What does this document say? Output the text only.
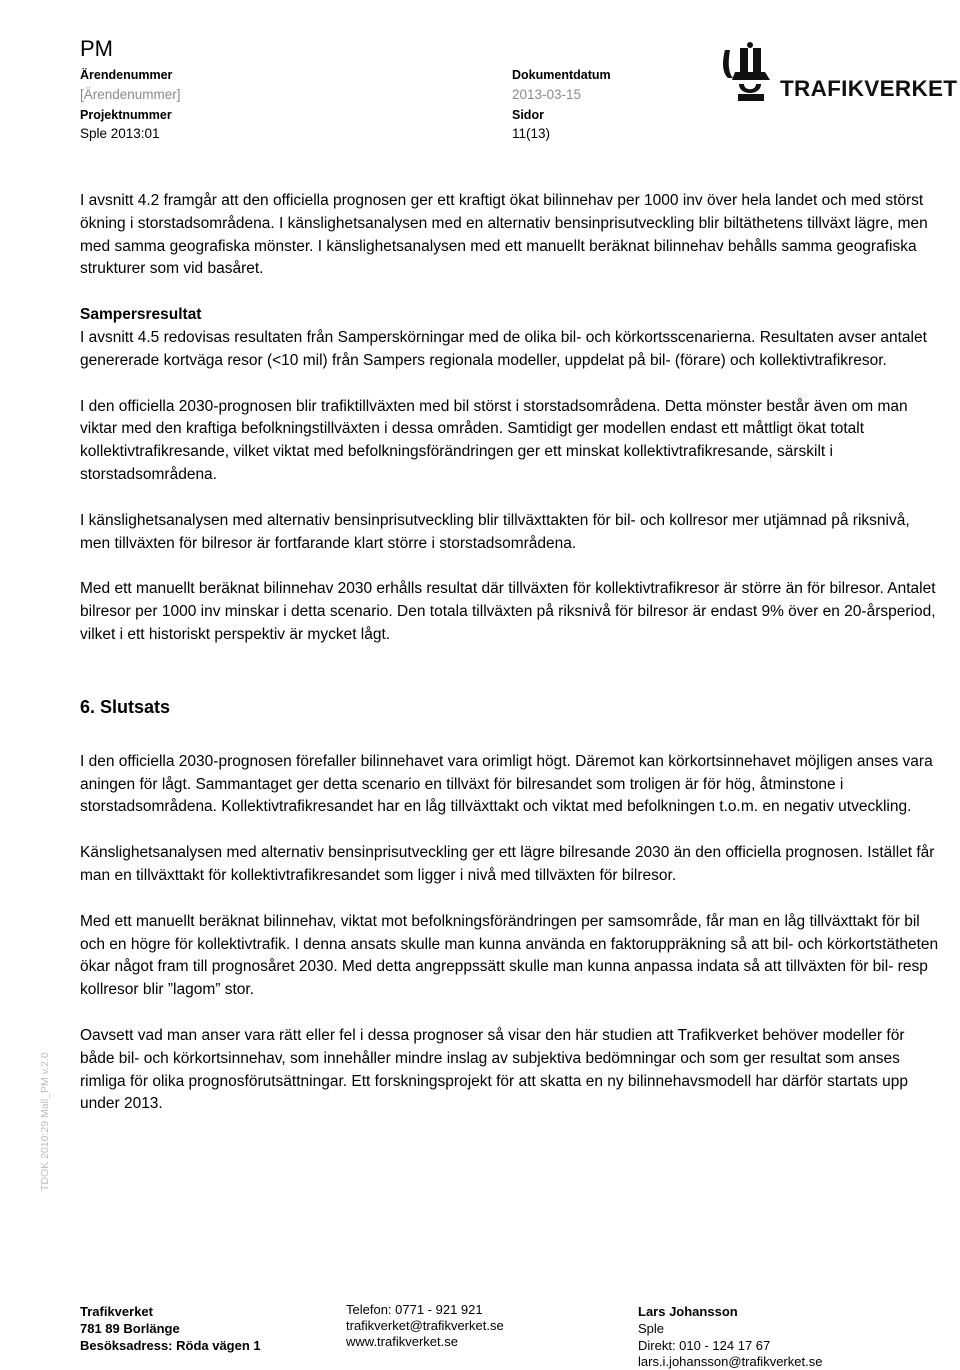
PM
Ärendenummer
[Ärendenummer]
Projektnummer
Sple 2013:01
Dokumentdatum
2013-03-15
Sidor
11(13)
TRAFIKVERKET

I avsnitt 4.2 framgår att den officiella prognosen ger ett kraftigt ökat bilinnehav per 1000 inv över hela landet och med störst ökning i storstadsområdena. I känslighetsanalysen med en alternativ bensinprisutveckling blir biltäthetens tillväxt lägre, men med samma geografiska mönster. I känslighetsanalysen med ett manuellt beräknat bilinnehav behålls samma geografiska strukturer som vid basåret.

Sampersresultat

I avsnitt 4.5 redovisas resultaten från Samperskörningar med de olika bil- och körkortsscenarierna. Resultaten avser antalet genererade kortväga resor (<10 mil) från Sampers regionala modeller, uppdelat på bil- (förare) och kollektivtrafikresor.

I den officiella 2030-prognosen blir trafiktillväxten med bil störst i storstadsområdena. Detta mönster består även om man viktar med den kraftiga befolkningstillväxten i dessa områden. Samtidigt ger modellen endast ett måttligt ökat totalt kollektivtrafikresande, vilket viktat med befolkningsförändringen ger ett minskat kollektivtrafikresande, särskilt i storstadsområdena.

I känslighetsanalysen med alternativ bensinprisutveckling blir tillväxttakten för bil- och kollresor mer utjämnad på riksnivå, men tillväxten för bilresor är fortfarande klart större i storstadsområdena.

Med ett manuellt beräknat bilinnehav 2030 erhålls resultat där tillväxten för kollektivtrafikresor är större än för bilresor. Antalet bilresor per 1000 inv minskar i detta scenario. Den totala tillväxten på riksnivå för bilresor är endast 9% över en 20-årsperiod, vilket i ett historiskt perspektiv är mycket lågt.

6. Slutsats

I den officiella 2030-prognosen förefaller bilinnehavet vara orimligt högt. Däremot kan körkortsinnehavet möjligen anses vara aningen för lågt. Sammantaget ger detta scenario en tillväxt för bilresandet som troligen är för hög, åtminstone i storstadsområdena. Kollektivtrafikresandet har en låg tillväxttakt och viktat med befolkningen t.o.m. en negativ utveckling.

Känslighetsanalysen med alternativ bensinprisutveckling ger ett lägre bilresande 2030 än den officiella prognosen. Istället får man en tillväxttakt för kollektivtrafikresandet som ligger i nivå med tillväxten för bilresor.

Med ett manuellt beräknat bilinnehav, viktat mot befolkningsförändringen per samsområde, får man en låg tillväxttakt för bil och en högre för kollektivtrafik. I denna ansats skulle man kunna använda en faktoruppräkning så att bil- och körkortstätheten ökar något fram till prognosåret 2030. Med detta angreppssätt skulle man kunna anpassa indata så att tillväxten för bil- resp kollresor blir ”lagom” stor.

Oavsett vad man anser vara rätt eller fel i dessa prognoser så visar den här studien att Trafikverket behöver modeller för både bil- och körkortsinnehav, som innehåller mindre inslag av subjektiva bedömningar och som ger resultat som anses rimliga för olika prognosförutsättningar. Ett forskningsprojekt för att skatta en ny bilinnehavsmodell har därför startats upp under 2013.

TDOK 2010:29 Mall_PM v.2.0
Trafikverket
781 89 Borlänge
Besöksadress: Röda vägen 1
Telefon: 0771 - 921 921
trafikverket@trafikverket.se
www.trafikverket.se
Lars Johansson
Sple
Direkt: 010 - 124 17 67
lars.i.johansson@trafikverket.se
